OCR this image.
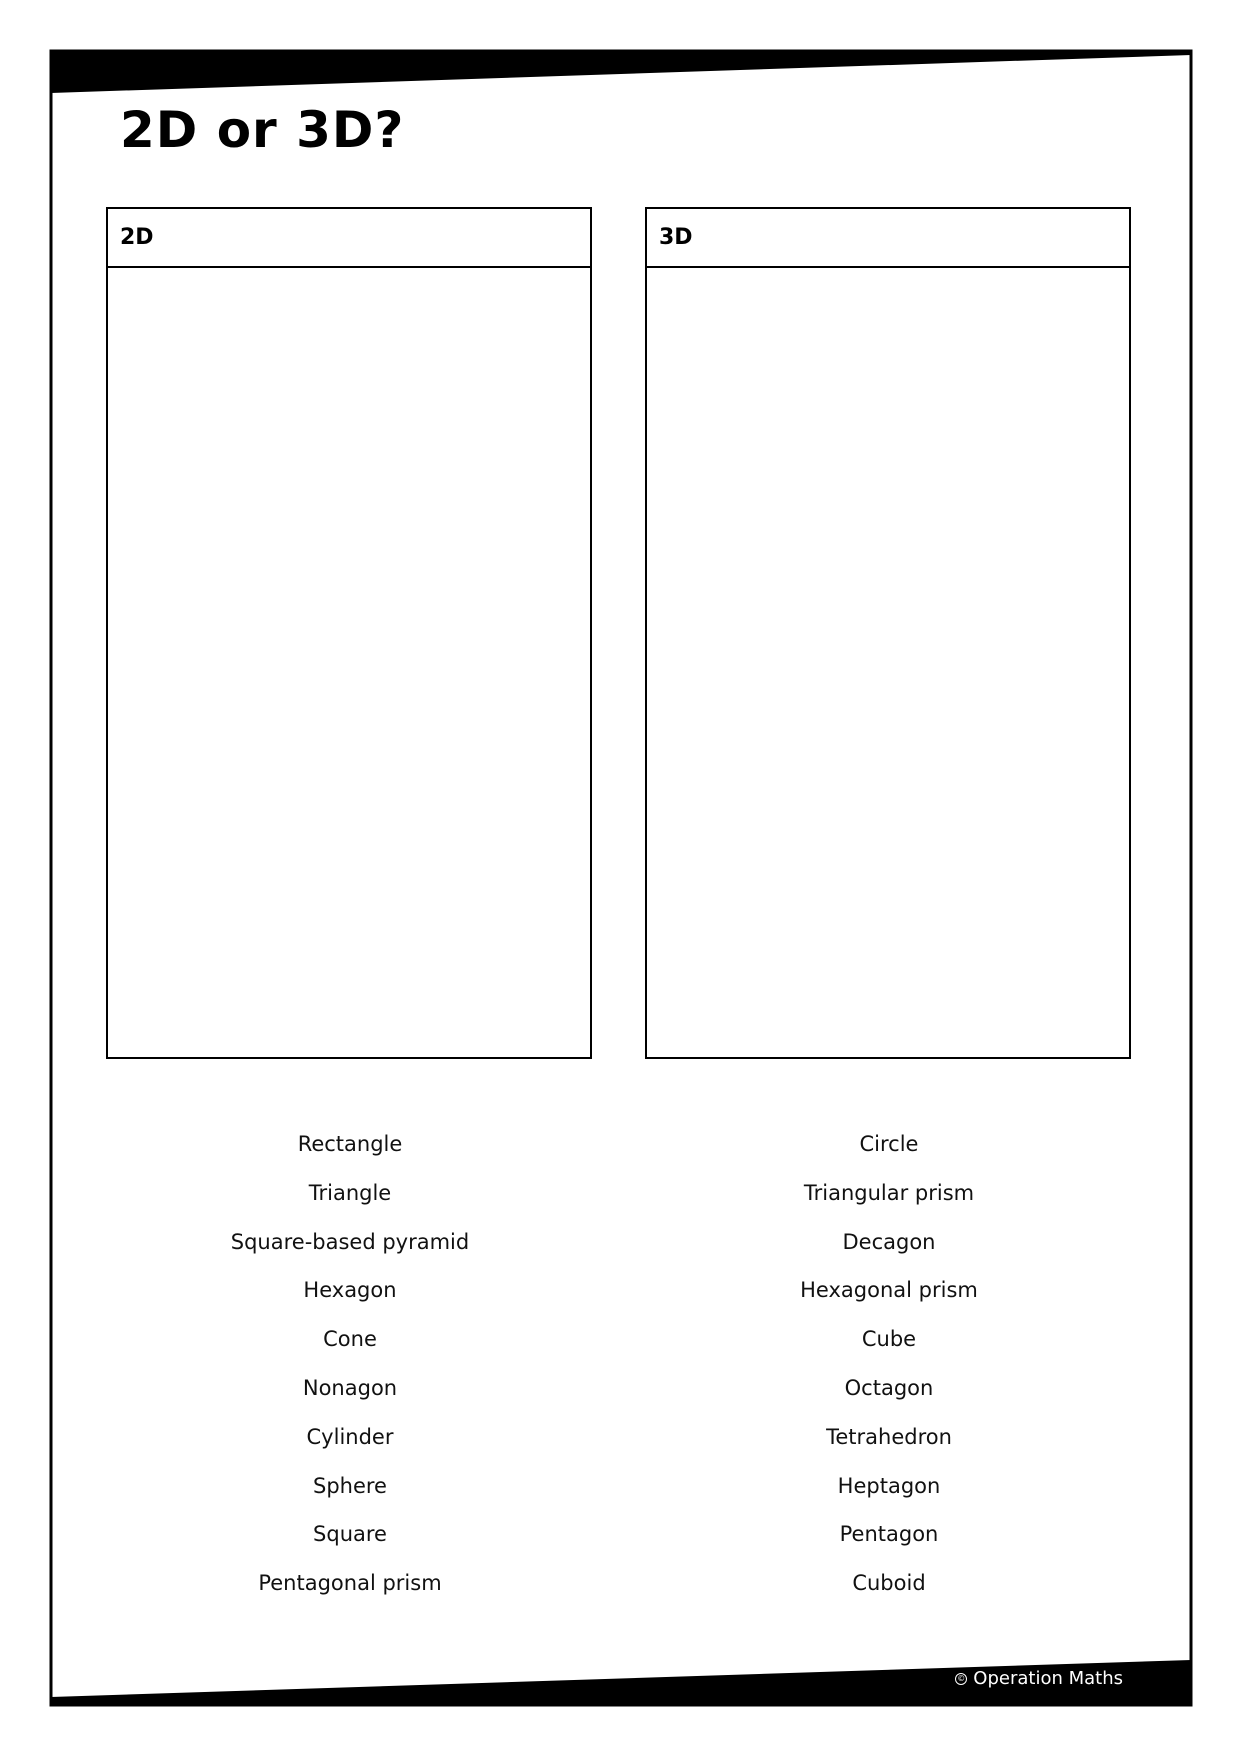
2D or 3D?
2D	3D
Rectangle
Triangle
Square-based pyramid
Hexagon
Cone
Nonagon
Cylinder
Sphere
Square
Pentagonal prism
Circle
Triangular prism
Decagon
Hexagonal prism
Cube
Octagon
Tetrahedron
Heptagon
Pentagon
Cuboid
© Operation Maths
